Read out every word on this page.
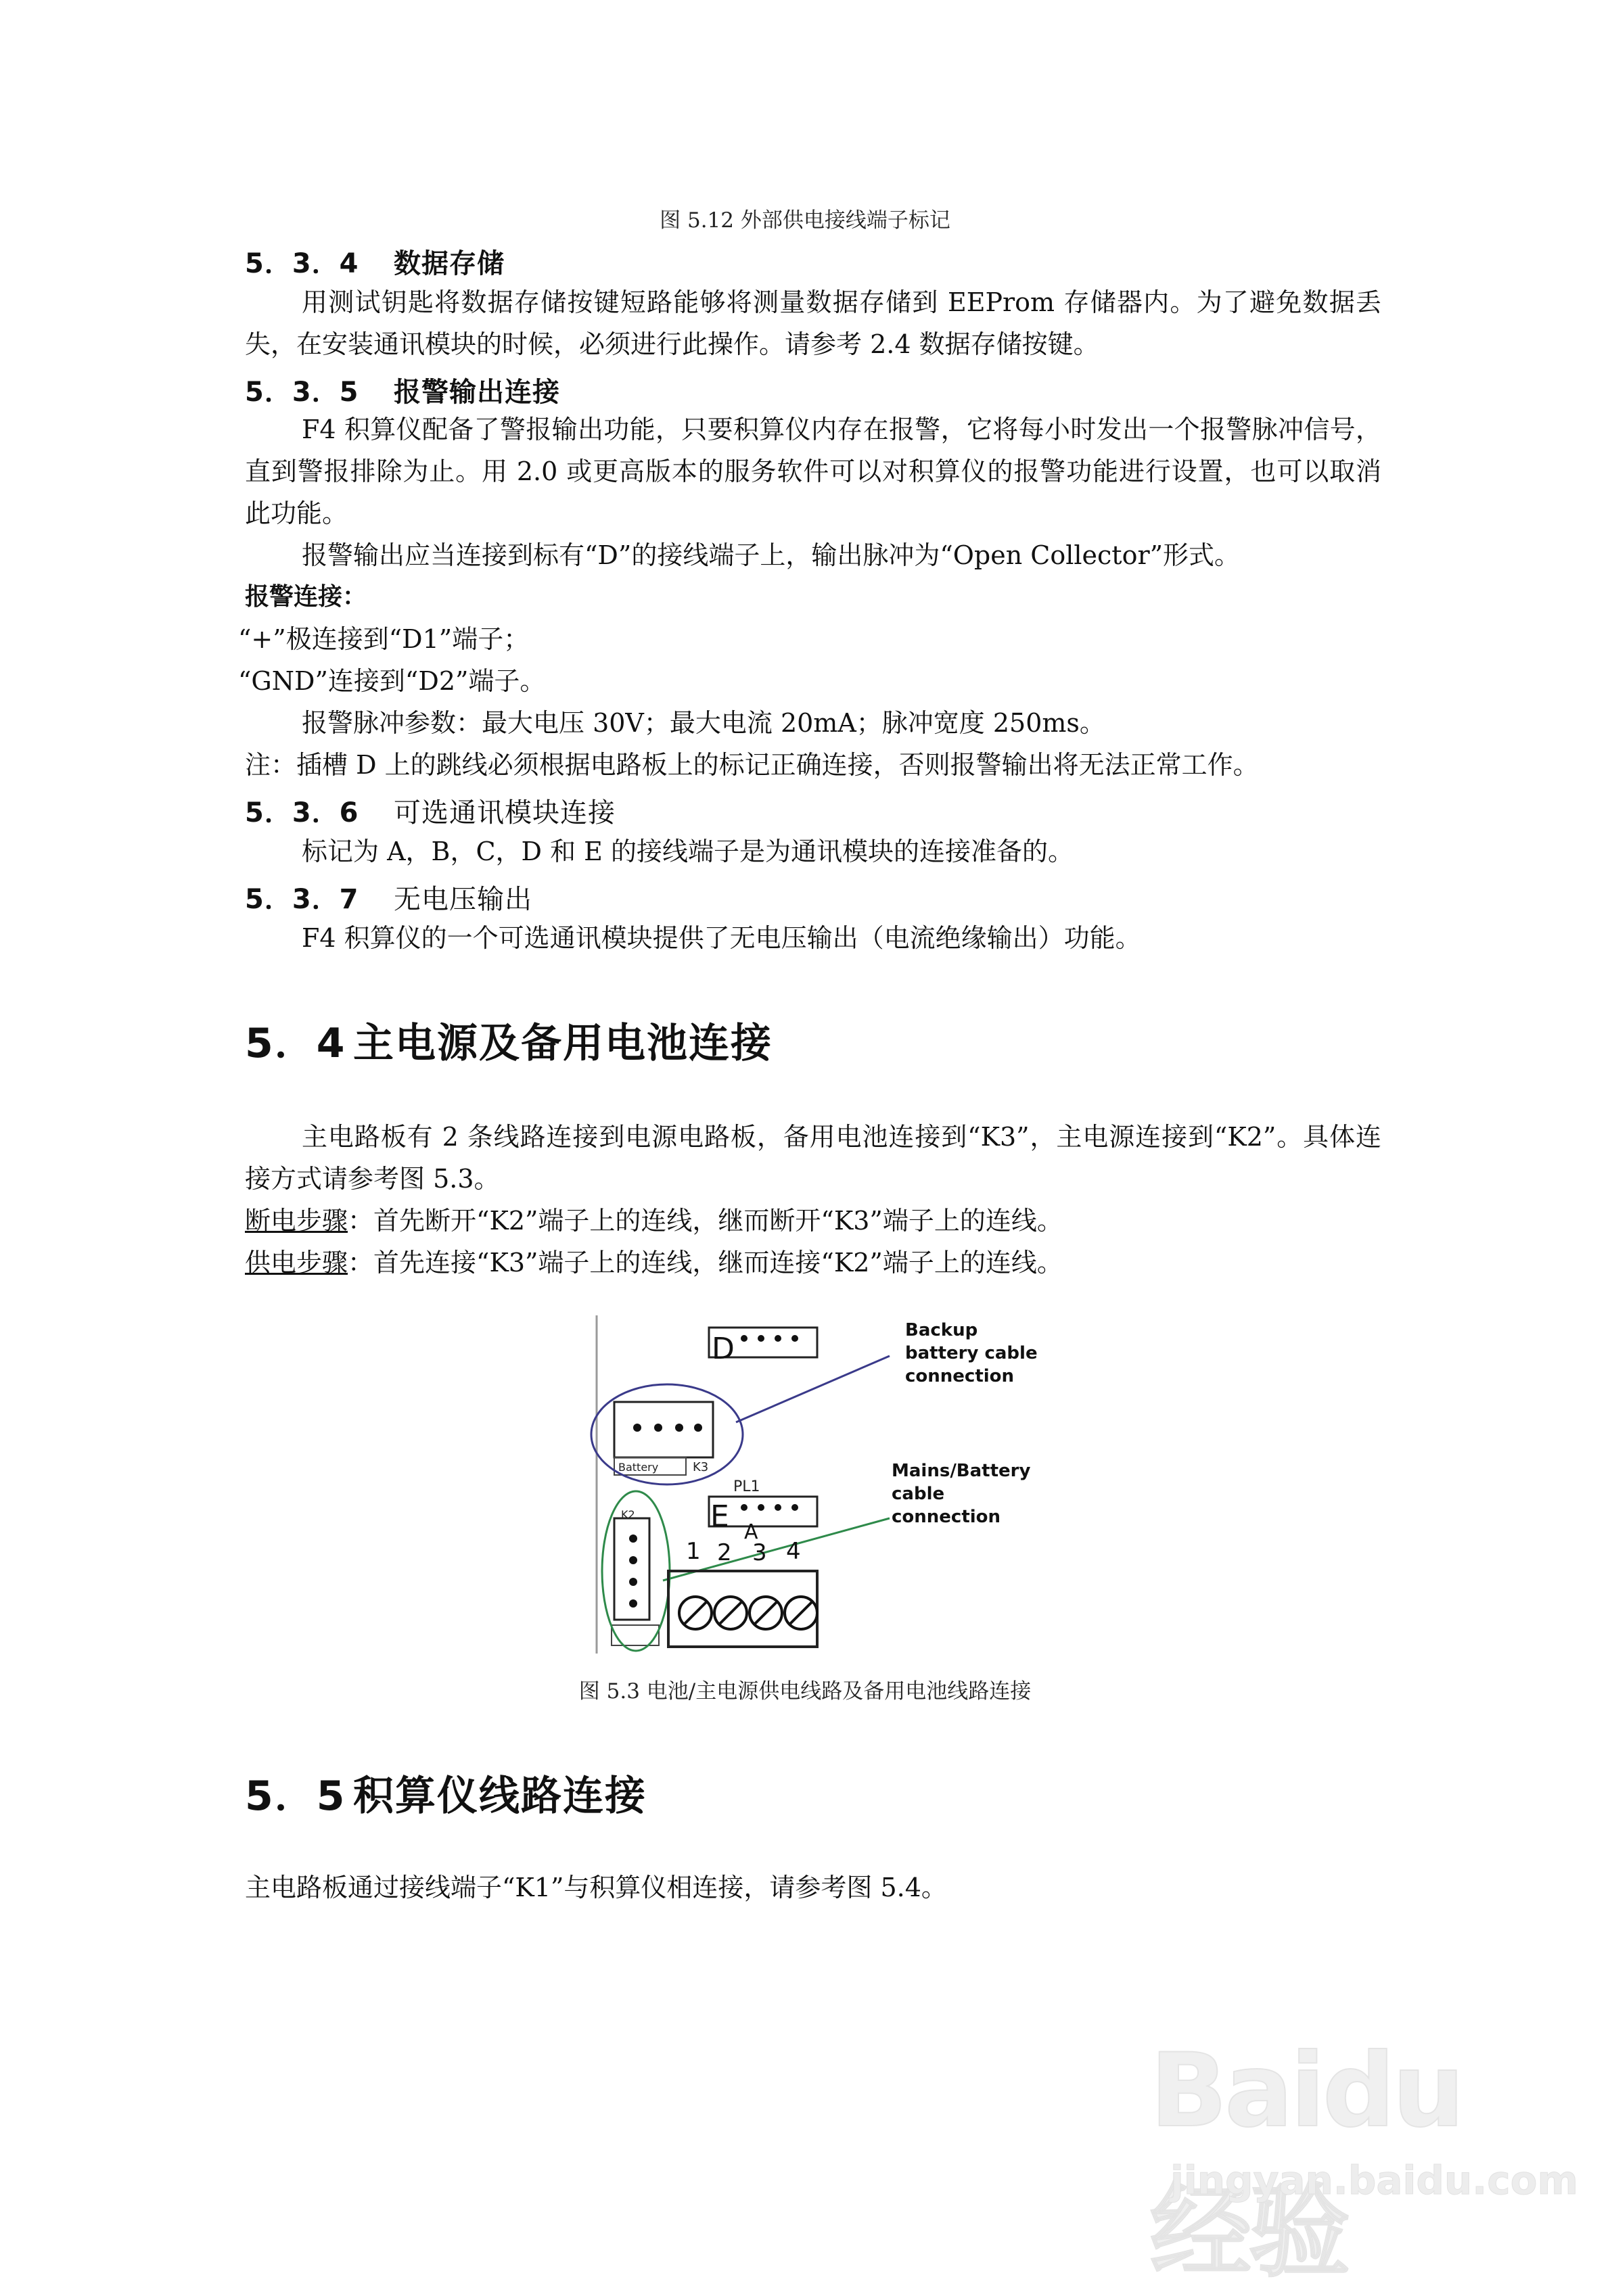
图 5.12 外部供电接线端子标记
5．3．4 数据存储
用测试钥匙将数据存储按键短路能够将测量数据存储到 EEProm 存储器内。为了避免数据丢失，在安装通讯模块的时候，必须进行此操作。请参考 2.4 数据存储按键。
5．3．5 报警输出连接
F4 积算仪配备了警报输出功能，只要积算仪内存在报警，它将每小时发出一个报警脉冲信号，直到警报排除为止。用 2.0 或更高版本的服务软件可以对积算仪的报警功能进行设置，也可以取消此功能。
报警输出应当连接到标有“D”的接线端子上，输出脉冲为“Open Collector”形式。
报警连接：
“+”极连接到“D1”端子；
“GND”连接到“D2”端子。
报警脉冲参数：最大电压 30V；最大电流 20mA；脉冲宽度 250ms。
注：插槽 D 上的跳线必须根据电路板上的标记正确连接，否则报警输出将无法正常工作。
5．3．6 可选通讯模块连接
标记为 A，B，C，D 和 E 的接线端子是为通讯模块的连接准备的。
5．3．7 无电压输出
F4 积算仪的一个可选通讯模块提供了无电压输出（电流绝缘输出）功能。
5．4 主电源及备用电池连接
主电路板有 2 条线路连接到电源电路板，备用电池连接到“K3”，主电源连接到“K2”。具体连接方式请参考图 5.3。
断电步骤：首先断开“K2”端子上的连线，继而断开“K3”端子上的连线。
供电步骤：首先连接“K3”端子上的连线，继而连接“K2”端子上的连线。
D
Battery	K3
PL1
E
K2
A
1 2 3 4
Backup
battery cable
connection
Mains/Battery
cable
connection
图 5.3 电池/主电源供电线路及备用电池线路连接
5．5 积算仪线路连接
主电路板通过接线端子“K1”与积算仪相连接，请参考图 5.4。
Baidu经验
jingyan.baidu.com
